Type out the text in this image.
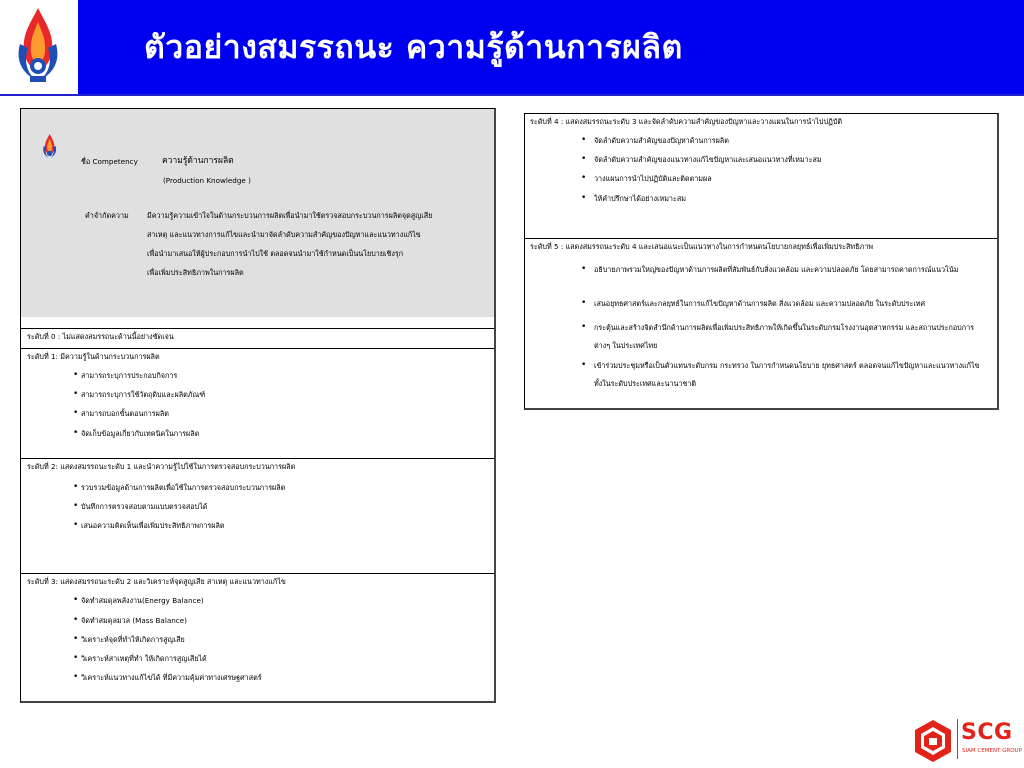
ตัวอย่างสมรรถนะ ความรู้ด้านการผลิต
ชื่อ Competency	ความรู้ด้านการผลิต
(Production Knowledge )
คำจำกัดความ	มีความรู้ความเข้าใจในด้านกระบวนการผลิตเพื่อนำมาใช้ตรวจสอบกระบวนการผลิตจุดสูญเสีย
สาเหตุ และแนวทางการแก้ไขและนำมาจัดลำดับความสำคัญของปัญหาและแนวทางแก้ไข
เพื่อนำมาเสนอให้ผู้ประกอบการนำไปใช้ ตลอดจนนำมาใช้กำหนดเป็นนโยบายเชิงรุก
เพื่อเพิ่มประสิทธิภาพในการผลิต
ระดับที่ 0 : ไม่แสดงสมรรถนะด้านนี้อย่างชัดเจน
ระดับที่ 1: มีความรู้ในด้านกระบวนการผลิต
• สามารถระบุการประกอบกิจการ
• สามารถระบุการใช้วัตถุดิบและผลิตภัณฑ์
• สามารถบอกขั้นตอนการผลิต
• จัดเก็บข้อมูลเกี่ยวกับเทคนิคในการผลิต
ระดับที่ 2: แสดงสมรรถนะระดับ 1 และนำความรู้ไปใช้ในการตรวจสอบกระบวนการผลิต
• รวบรวมข้อมูลด้านการผลิตเพื่อใช้ในการตรวจสอบกระบวนการผลิต
• บันทึกการตรวจสอบตามแบบตรวจสอบได้
• เสนอความคิดเห็นเพื่อเพิ่มประสิทธิภาพการผลิต
ระดับที่ 3: แสดงสมรรถนะระดับ 2 และวิเคราะห์จุดสูญเสีย สาเหตุ และแนวทางแก้ไข
• จัดทำสมดุลพลังงาน(Energy Balance)
• จัดทำสมดุลมวล (Mass Balance)
• วิเคราะห์จุดที่ทำให้เกิดการสูญเสีย
• วิเคราะห์สาเหตุที่ทำ ให้เกิดการสูญเสียได้
• วิเคราะห์แนวทางแก้ไขได้ ที่มีความคุ้มค่าทางเศรษฐศาสตร์
ระดับที่ 4 : แสดงสมรรถนะระดับ 3 และจัดลำดับความสำคัญของปัญหาและวางแผนในการนำไปปฏิบัติ
• จัดลำดับความสำคัญของปัญหาด้านการผลิต
• จัดลำดับความสำคัญของแนวทางแก้ไขปัญหาและเสนอแนวทางที่เหมาะสม
• วางแผนการนำไปปฏิบัติและติดตามผล
• ให้คำปรึกษาได้อย่างเหมาะสม
ระดับที่ 5 : แสดงสมรรถนะระดับ 4 และเสนอแนะเป็นแนวทางในการกำหนดนโยบายกลยุทธ์เพื่อเพิ่มประสิทธิภาพ
• อธิบายภาพรวมใหญ่ของปัญหาด้านการผลิตที่สัมพันธ์กับสิ่งแวดล้อม และความปลอดภัย โดยสามารถคาดการณ์แนวโน้ม
• เสนอยุทธศาสตร์และกลยุทธ์ในการแก้ไขปัญหาด้านการผลิต สิ่งแวดล้อม และความปลอดภัย ในระดับประเทศ
• กระตุ้นและสร้างจิตสำนึกด้านการผลิตเพื่อเพิ่มประสิทธิภาพให้เกิดขึ้นในระดับกรมโรงงานอุตสาหกรรม และสถานประกอบการต่างๆ ในประเทศไทย
• เข้าร่วมประชุมหรือเป็นตัวแทนระดับกรม กระทรวง ในการกำหนดนโยบาย ยุทธศาสตร์ ตลอดจนแก้ไขปัญหาและแนวทางแก้ไขทั้งในระดับประเทศและนานาชาติ
SCG
SIAM CEMENT GROUP
